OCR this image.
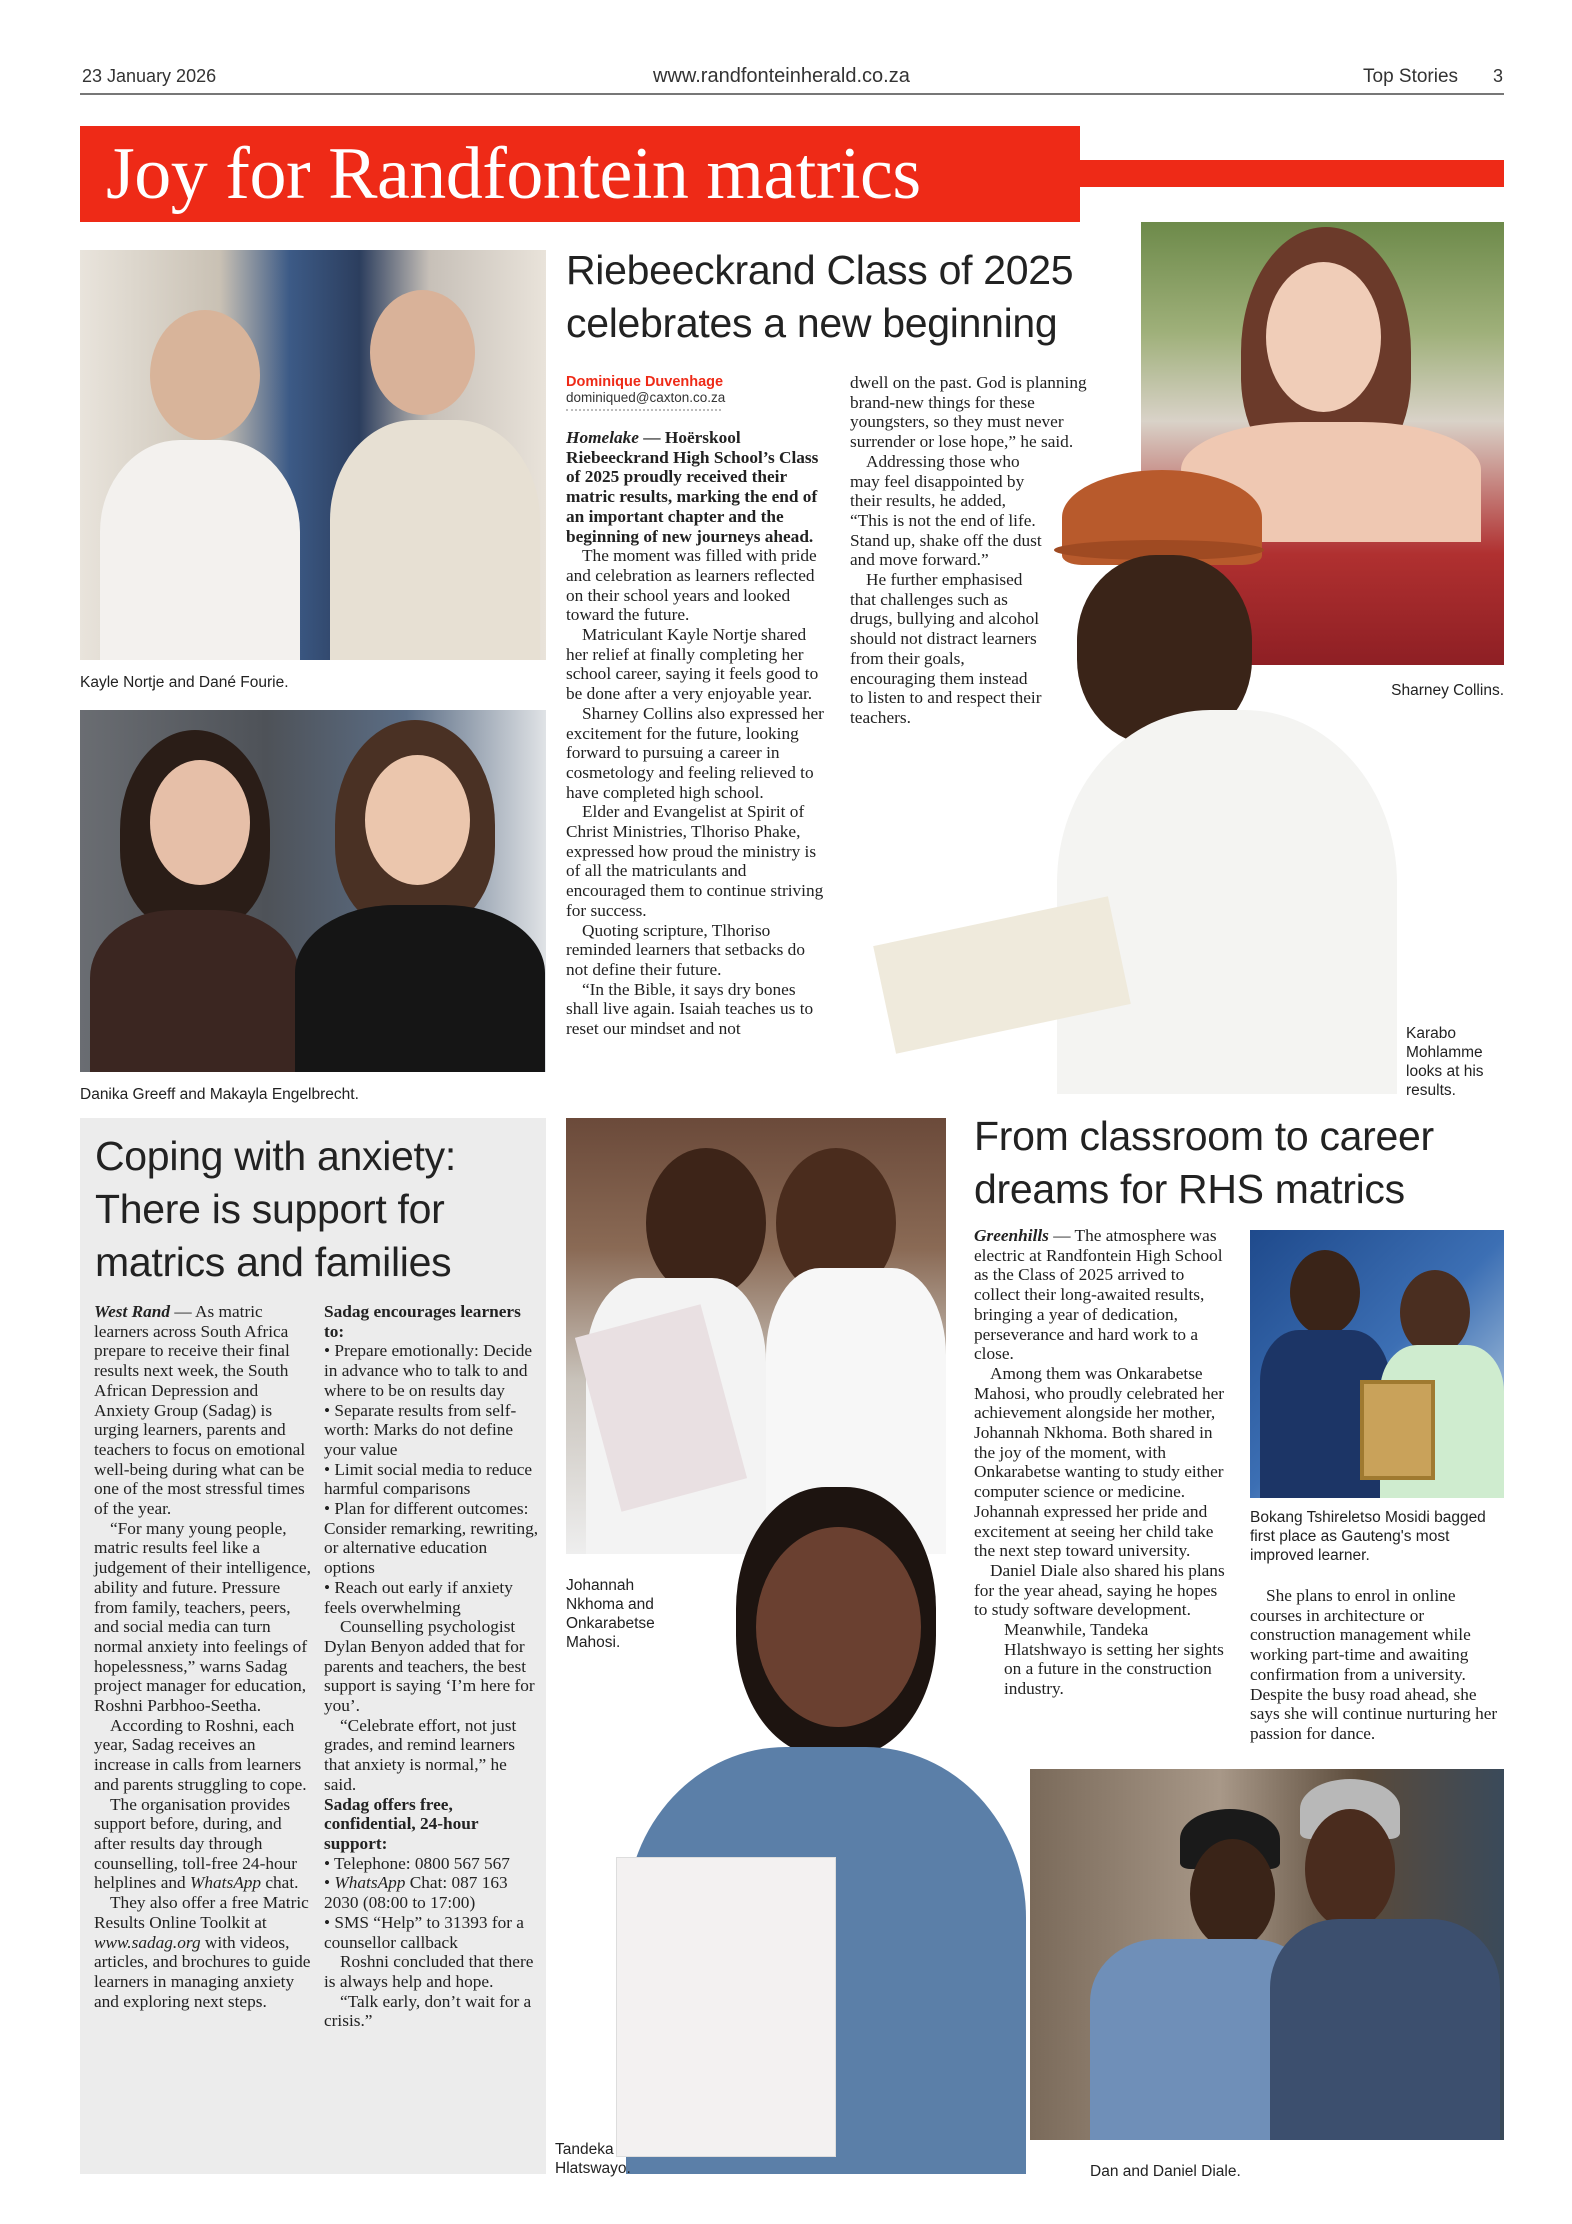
23 January 2026	www.randfonteinherald.co.za	Top Stories 3
Joy for Randfontein matrics
Kayle Nortje and Dané Fourie.
Danika Greeff and Makayla Engelbrecht.
Riebeeckrand Class of 2025 celebrates a new beginning
Dominique Duvenhage
dominiqued@caxton.co.za

Homelake — Hoërskool Riebeeckrand High School’s Class of 2025 proudly received their matric results, marking the end of an important chapter and the beginning of new journeys ahead.

The moment was filled with pride and celebration as learners reflected on their school years and looked toward the future.

Matriculant Kayle Nortje shared her relief at finally completing her school career, saying it feels good to be done after a very enjoyable year.

Sharney Collins also expressed her excitement for the future, looking forward to pursuing a career in cosmetology and feeling relieved to have completed high school.

Elder and Evangelist at Spirit of Christ Ministries, Tlhoriso Phake, expressed how proud the ministry is of all the matriculants and encouraged them to continue striving for success.

Quoting scripture, Tlhoriso reminded learners that setbacks do not define their future.

“In the Bible, it says dry bones shall live again. Isaiah teaches us to reset our mindset and not

dwell on the past. God is planning brand-new things for these youngsters, so they must never surrender or lose hope,” he said.

Addressing those who may feel disappointed by their results, he added, “This is not the end of life. Stand up, shake off the dust and move forward.”

He further emphasised that challenges such as drugs, bullying and alcohol should not distract learners from their goals, encouraging them instead to listen to and respect their teachers.

Sharney Collins.
Karabo Mohlamme looks at his results.
Coping with anxiety: There is support for matrics and families

West Rand — As matric learners across South Africa prepare to receive their final results next week, the South African Depression and Anxiety Group (Sadag) is urging learners, parents and teachers to focus on emotional well-being during what can be one of the most stressful times of the year.

“For many young people, matric results feel like a judgement of their intelligence, ability and future. Pressure from family, teachers, peers, and social media can turn normal anxiety into feelings of hopelessness,” warns Sadag project manager for education, Roshni Parbhoo-Seetha.

According to Roshni, each year, Sadag receives an increase in calls from learners and parents struggling to cope.

The organisation provides support before, during, and after results day through counselling, toll-free 24-hour helplines and WhatsApp chat.

They also offer a free Matric Results Online Toolkit at www.sadag.org with videos, articles, and brochures to guide learners in managing anxiety and exploring next steps.

Sadag encourages learners to:

• Prepare emotionally: Decide in advance who to talk to and where to be on results day

• Separate results from self-worth: Marks do not define your value

• Limit social media to reduce harmful comparisons

• Plan for different outcomes: Consider remarking, rewriting, or alternative education options

• Reach out early if anxiety feels overwhelming

Counselling psychologist Dylan Benyon added that for parents and teachers, the best support is saying ‘I’m here for you’.

“Celebrate effort, not just grades, and remind learners that anxiety is normal,” he said.

Sadag offers free, confidential, 24-hour support:

• Telephone: 0800 567 567

• WhatsApp Chat: 087 163 2030 (08:00 to 17:00)

• SMS “Help” to 31393 for a counsellor callback

Roshni concluded that there is always help and hope.

“Talk early, don’t wait for a crisis.”

Johannah Nkhoma and Onkarabetse Mahosi.
Tandeka Hlatswayo.
From classroom to career dreams for RHS matrics

Greenhills — The atmosphere was electric at Randfontein High School as the Class of 2025 arrived to collect their long-awaited results, bringing a year of dedication, perseverance and hard work to a close.

Among them was Onkarabetse Mahosi, who proudly celebrated her achievement alongside her mother, Johannah Nkhoma. Both shared in the joy of the moment, with Onkarabetse wanting to study either computer science or medicine. Johannah expressed her pride and excitement at seeing her child take the next step toward university.

Daniel Diale also shared his plans for the year ahead, saying he hopes to study software development.

Meanwhile, Tandeka Hlatshwayo is setting her sights on a future in the construction industry.

Bokang Tshireletso Mosidi bagged first place as Gauteng's most improved learner.

She plans to enrol in online courses in architecture or construction management while working part-time and awaiting confirmation from a university. Despite the busy road ahead, she says she will continue nurturing her passion for dance.

Dan and Daniel Diale.
